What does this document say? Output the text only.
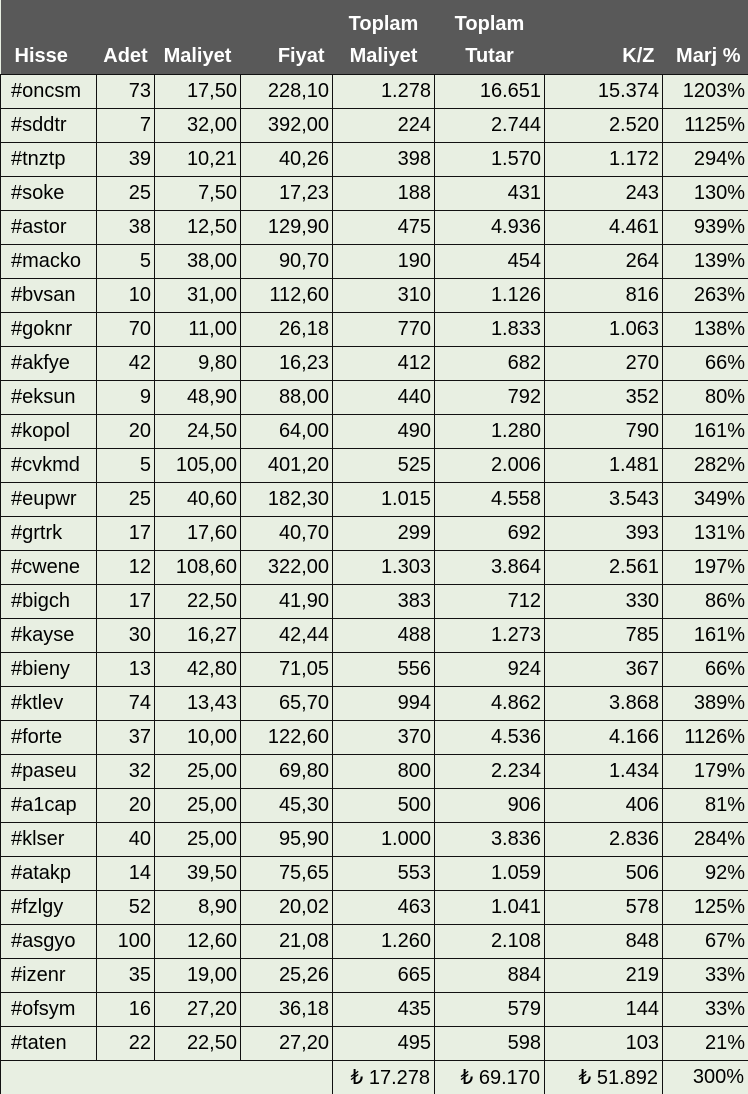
				Toplam	Toplam		
Hisse	Adet	Maliyet	Fiyat	Maliyet	Tutar	K/Z	Marj %
#oncsm	73	17,50	228,10	1.278	16.651	15.374	1203%
#sddtr	7	32,00	392,00	224	2.744	2.520	1125%
#tnztp	39	10,21	40,26	398	1.570	1.172	294%
#soke	25	7,50	17,23	188	431	243	130%
#astor	38	12,50	129,90	475	4.936	4.461	939%
#macko	5	38,00	90,70	190	454	264	139%
#bvsan	10	31,00	112,60	310	1.126	816	263%
#goknr	70	11,00	26,18	770	1.833	1.063	138%
#akfye	42	9,80	16,23	412	682	270	66%
#eksun	9	48,90	88,00	440	792	352	80%
#kopol	20	24,50	64,00	490	1.280	790	161%
#cvkmd	5	105,00	401,20	525	2.006	1.481	282%
#eupwr	25	40,60	182,30	1.015	4.558	3.543	349%
#grtrk	17	17,60	40,70	299	692	393	131%
#cwene	12	108,60	322,00	1.303	3.864	2.561	197%
#bigch	17	22,50	41,90	383	712	330	86%
#kayse	30	16,27	42,44	488	1.273	785	161%
#bieny	13	42,80	71,05	556	924	367	66%
#ktlev	74	13,43	65,70	994	4.862	3.868	389%
#forte	37	10,00	122,60	370	4.536	4.166	1126%
#paseu	32	25,00	69,80	800	2.234	1.434	179%
#a1cap	20	25,00	45,30	500	906	406	81%
#klser	40	25,00	95,90	1.000	3.836	2.836	284%
#atakp	14	39,50	75,65	553	1.059	506	92%
#fzlgy	52	8,90	20,02	463	1.041	578	125%
#asgyo	100	12,60	21,08	1.260	2.108	848	67%
#izenr	35	19,00	25,26	665	884	219	33%
#ofsym	16	27,20	36,18	435	579	144	33%
#taten	22	22,50	27,20	495	598	103	21%
				₺ 17.278	₺ 69.170	₺ 51.892	300%
